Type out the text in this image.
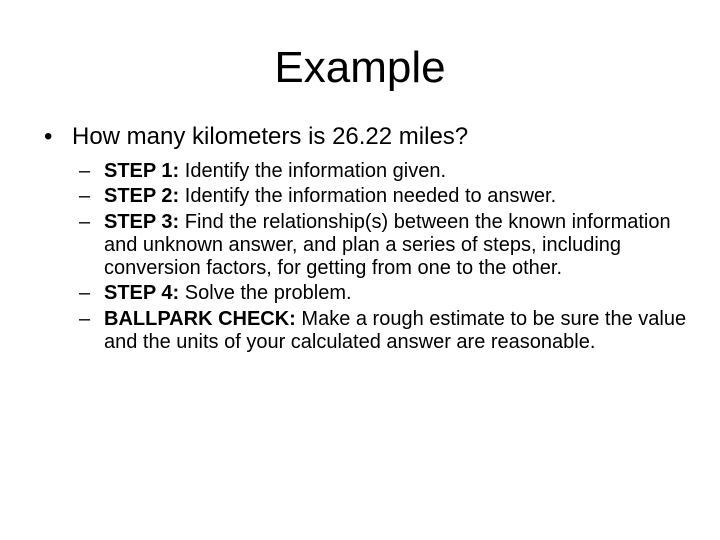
Example
• How many kilometers is 26.22 miles?
– STEP 1: Identify the information given.
– STEP 2: Identify the information needed to answer.
– STEP 3: Find the relationship(s) between the known information and unknown answer, and plan a series of steps, including conversion factors, for getting from one to the other.
– STEP 4: Solve the problem.
– BALLPARK CHECK: Make a rough estimate to be sure the value and the units of your calculated answer are reasonable.
